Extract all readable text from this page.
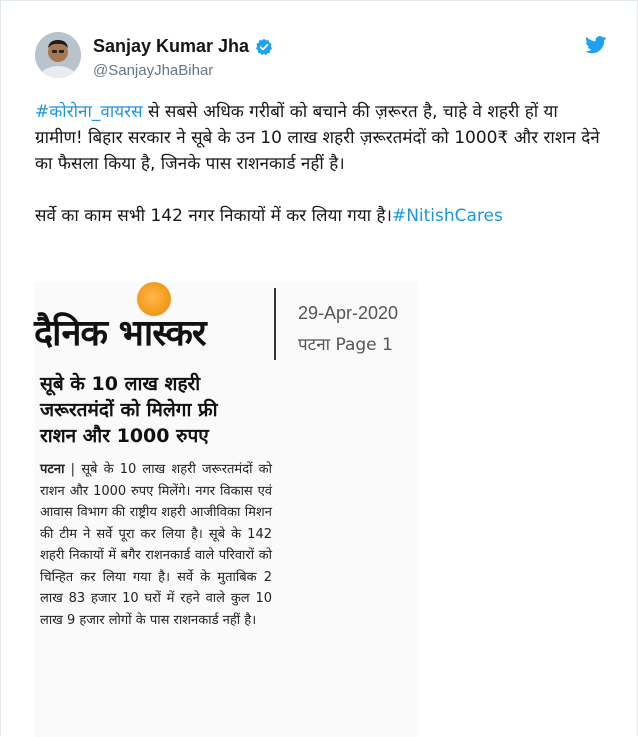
Sanjay Kumar Jha
@SanjayJhaBihar

#कोरोना_वायरस से सबसे अधिक गरीबों को बचाने की ज़रूरत है, चाहे वे शहरी हों या ग्रामीण! बिहार सरकार ने सूबे के उन 10 लाख शहरी ज़रूरतमंदों को 1000₹ और राशन देने का फैसला किया है, जिनके पास राशनकार्ड नहीं है।

सर्वे का काम सभी 142 नगर निकायों में कर लिया गया है।#NitishCares

दैनिक भास्कर	29-Apr-2020
पटना Page 1

सूबे के 10 लाख शहरी

जरूरतमंदों को मिलेगा फ्री

राशन और 1000 रुपए

पटना | सूबे के 10 लाख शहरी जरूरतमंदों को राशन और 1000 रुपए मिलेंगे। नगर विकास एवं आवास विभाग की राष्ट्रीय शहरी आजीविका मिशन की टीम ने सर्वे पूरा कर लिया है। सूबे के 142 शहरी निकायों में बगैर राशनकार्ड वाले परिवारों को चिन्हित कर लिया गया है। सर्वे के मुताबिक 2 लाख 83 हजार 10 घरों में रहने वाले कुल 10 लाख 9 हजार लोगों के पास राशनकार्ड नहीं है।
